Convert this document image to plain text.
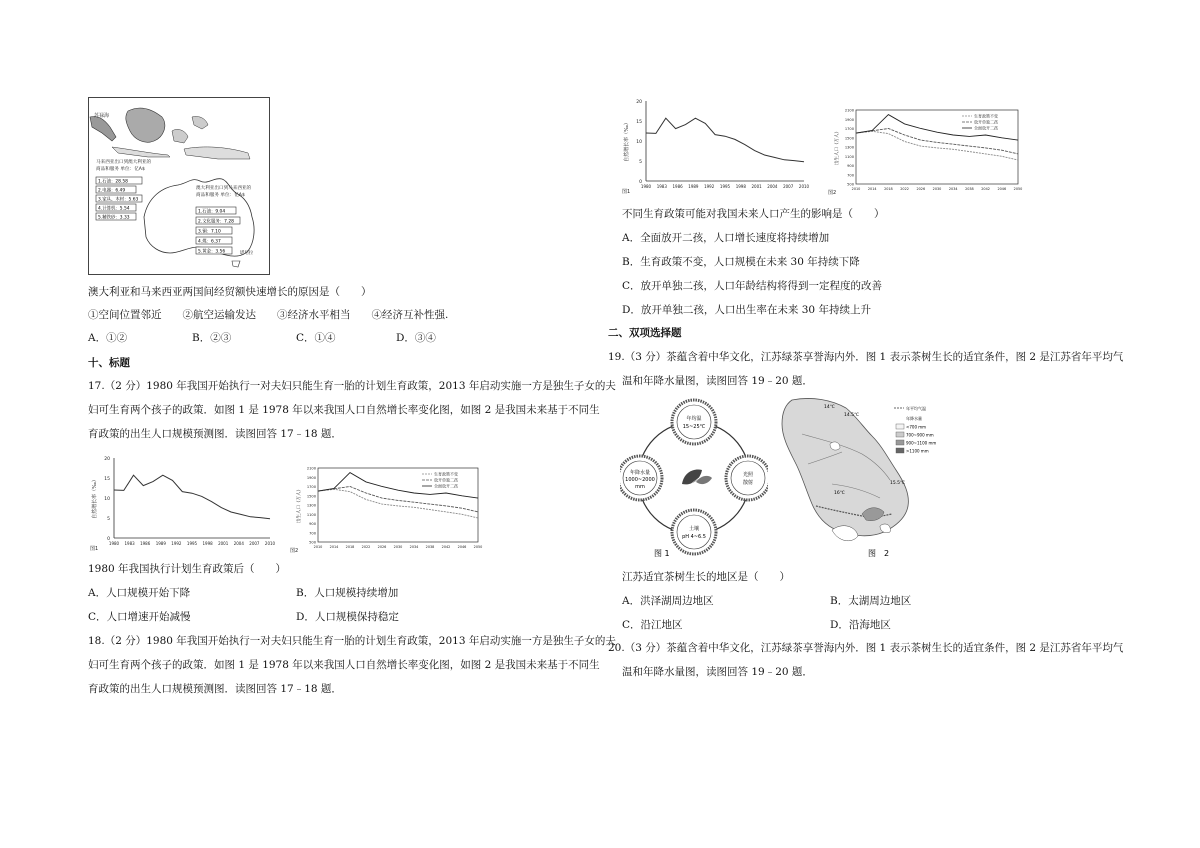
苏禄海
马来西亚出口到澳大利亚的
商品和服务 单位：亿A$
1.石油：28.58
2.电器：6.49
3.家具、木材：5.63
4.计算机：5.54
5.精铁砂：3.33
澳大利亚出口到马来西亚的
商品和服务 单位：亿A$
1.石油：9.04
2.文化服务：7.28
3.铜：7.10
4.煤：6.37
5.黄金：3.56	堪培拉
澳大利亚和马来西亚两国间经贸额快速增长的原因是（　　）
①空间位置邻近　　②航空运输发达　　③经济水平相当　　④经济互补性强.
A．①②	B．②③	C．①④	D．③④
十、标题
17.（2 分）1980 年我国开始执行一对夫妇只能生育一胎的计划生育政策，2013 年启动实施一方是独生子女的夫
妇可生育两个孩子的政策．如图 1 是 1978 年以来我国人口自然增长率变化图，如图 2 是我国未来基于不同生
育政策的出生人口规模预测图．读图回答 17﹣18 题．
0
5
10
15
20
1980 1983 1986 1989 1992 1995 1998 2001 2004 2007 2010
自然增长率（‰）
图1
500
700
900
1100
1300
1500
1700
1900
2100
2010 2014 2018 2022 2026 2030 2034 2038 2042 2046 2050
出生人口（万人）
图2
生育政策不变
放开单独二孩
全面放开二孩
1980 年我国执行计划生育政策后（　　）
A．人口规模开始下降	B．人口规模持续增加
C．人口增速开始减慢	D．人口规模保持稳定
18.（2 分）1980 年我国开始执行一对夫妇只能生育一胎的计划生育政策，2013 年启动实施一方是独生子女的夫
妇可生育两个孩子的政策．如图 1 是 1978 年以来我国人口自然增长率变化图，如图 2 是我国未来基于不同生
育政策的出生人口规模预测图．读图回答 17﹣18 题．
0
5
10
15
20
1980 1983 1986 1989 1992 1995 1998 2001 2004 2007 2010
自然增长率（‰）
图1
500
700
900
1100
1300
1500
1700
1900
2100
2010 2014 2018 2022 2026 2030 2034 2038 2042 2046 2050
出生人口（万人）
图2
生育政策不变
放开单独二孩
全面放开二孩
不同生育政策可能对我国未来人口产生的影响是（　　）
A．全面放开二孩，人口增长速度将持续增加
B．生育政策不变，人口规模在未来 30 年持续下降
C．放开单独二孩，人口年龄结构将得到一定程度的改善
D．放开单独二孩，人口出生率在未来 30 年持续上升
二、双项选择题
19.（3 分）茶蕴含着中华文化，江苏绿茶享誉海内外．图 1 表示茶树生长的适宜条件，图 2 是江苏省年平均气
温和年降水量图，读图回答 19﹣20 题．
年均温
15~25℃
年降水量
1000~2000
mm
光照
散射
土壤
pH 4~6.5
图 1
14℃
14.5℃
15.5℃
16℃
年平均气温
年降水量
<700 mm
700~900 mm
900~1100 mm
>1100 mm
图　2
江苏适宜茶树生长的地区是（　　）
A．洪泽湖周边地区	B．太湖周边地区
C．沿江地区	D．沿海地区
20.（3 分）茶蕴含着中华文化，江苏绿茶享誉海内外．图 1 表示茶树生长的适宜条件，图 2 是江苏省年平均气
温和年降水量图，读图回答 19﹣20 题．
